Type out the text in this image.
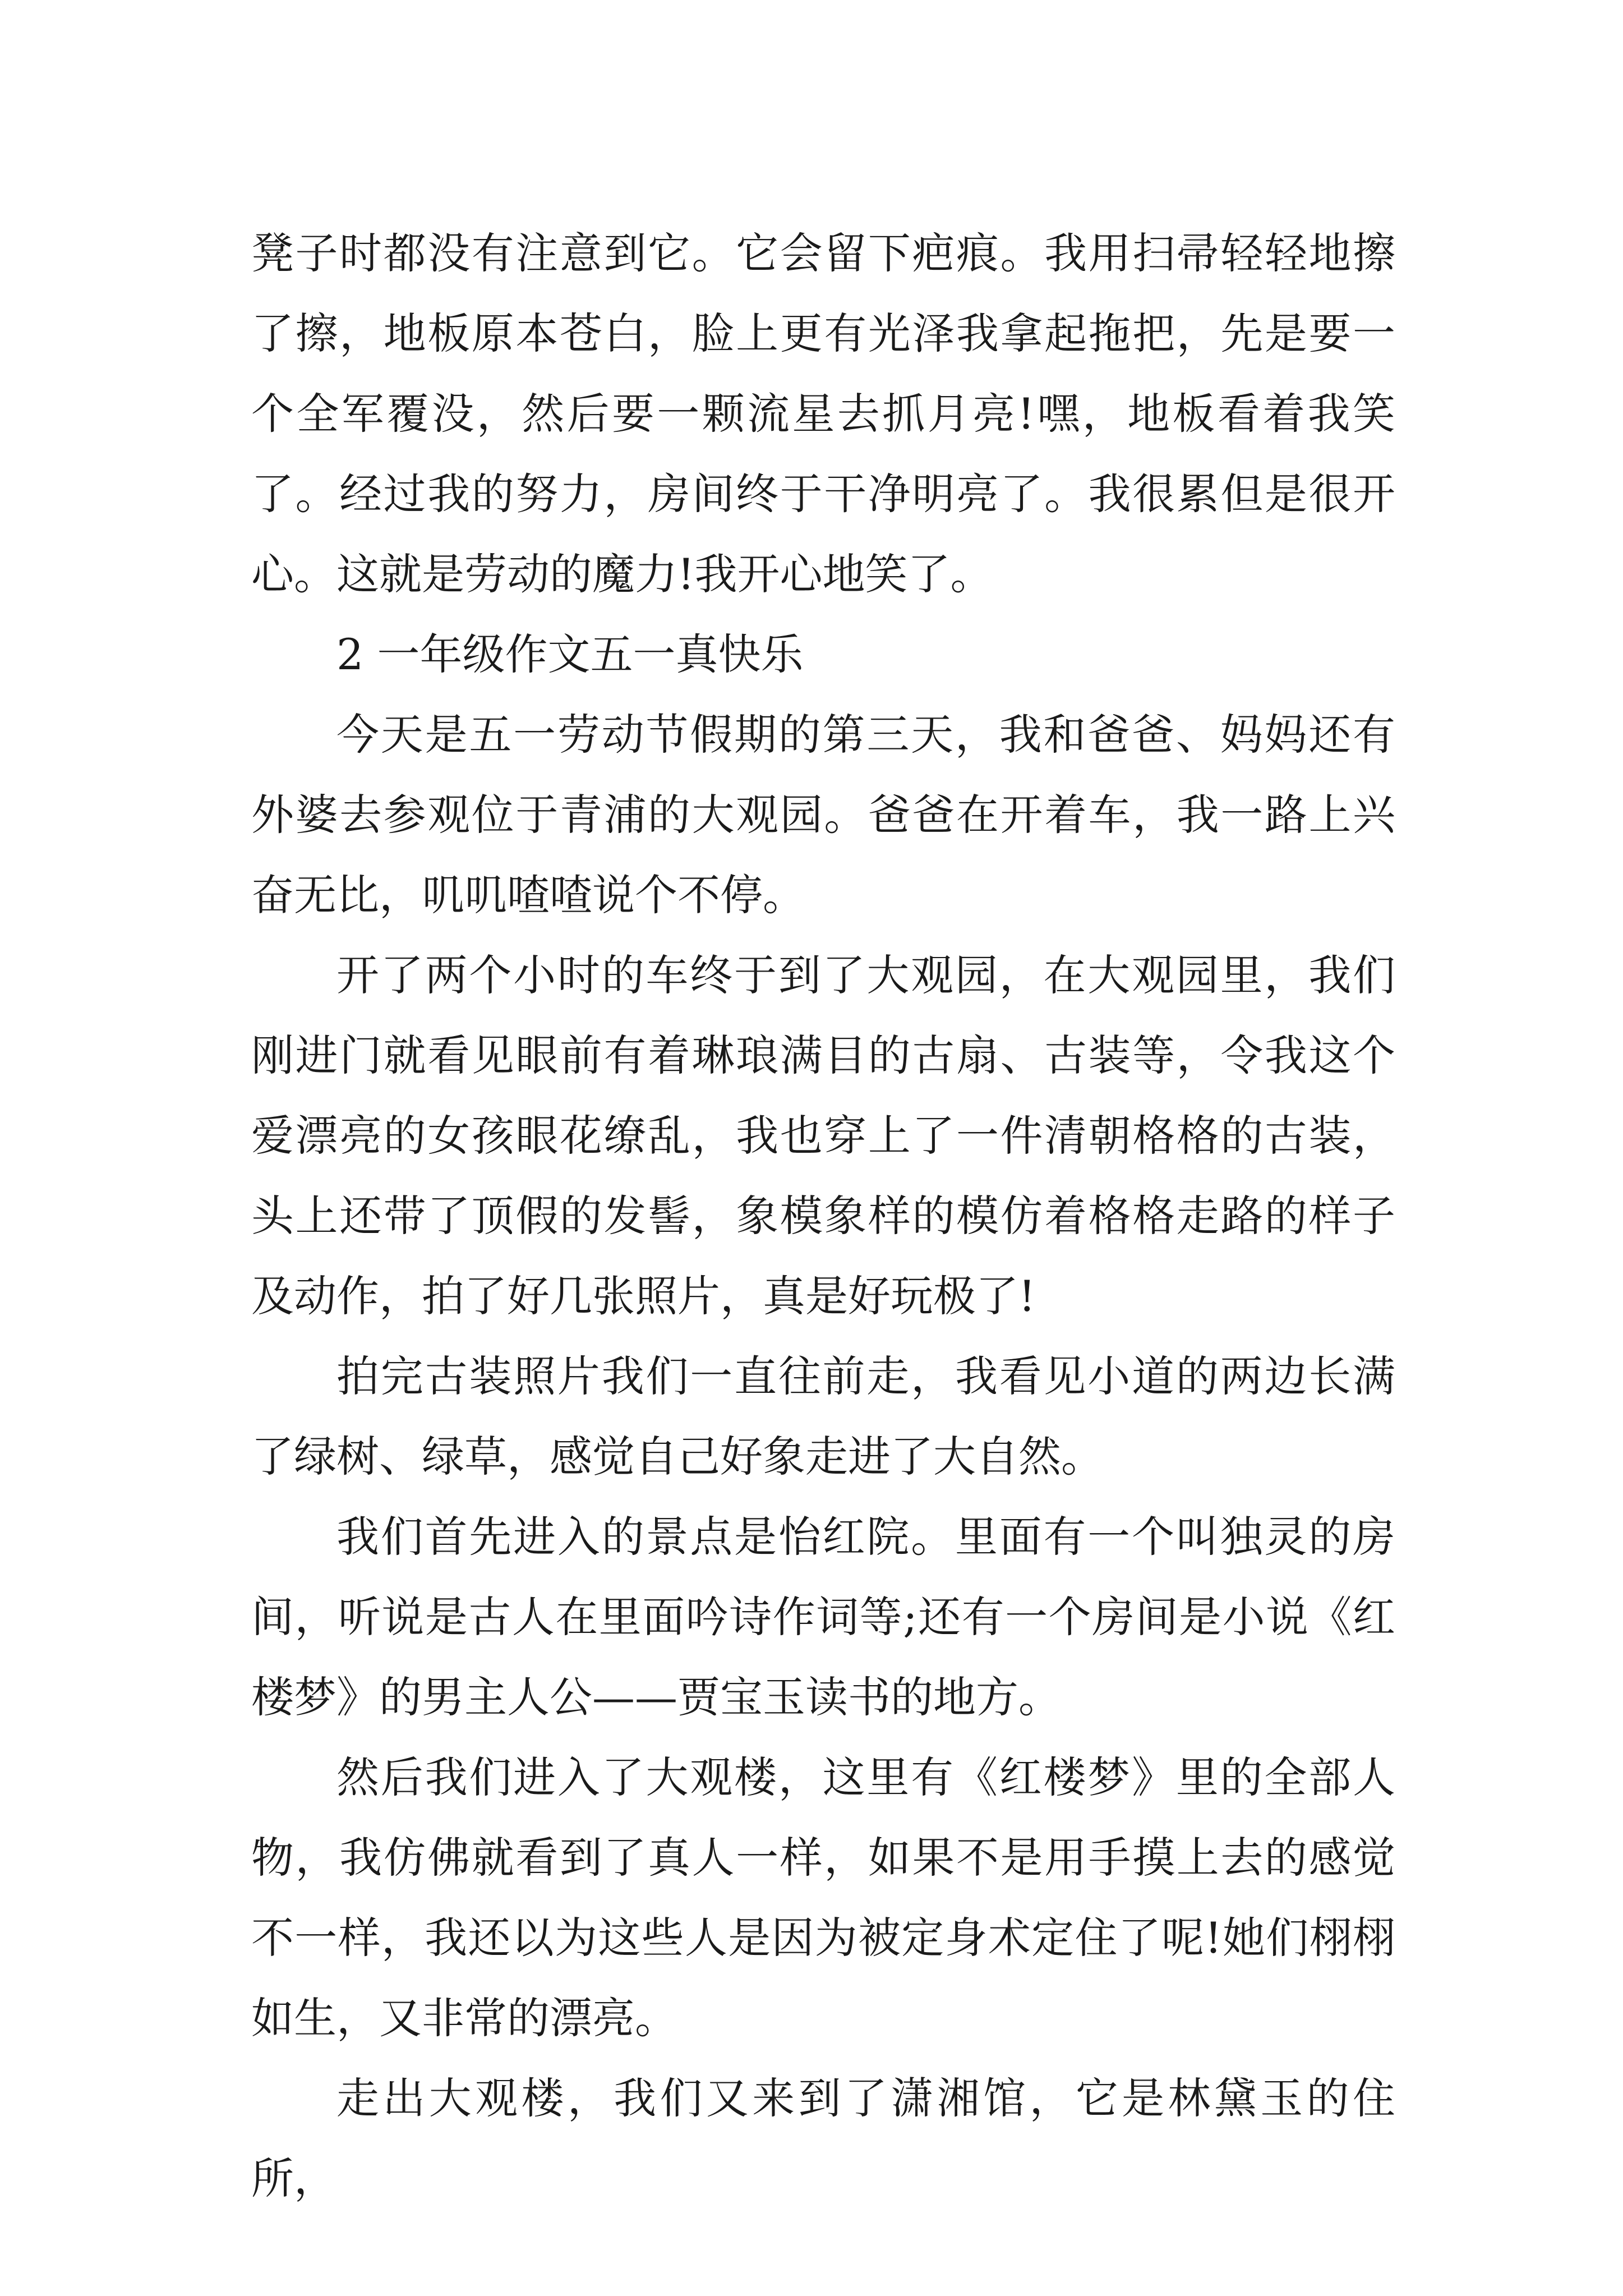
凳子时都没有注意到它。它会留下疤痕。我用扫帚轻轻地擦了擦，地板原本苍白，脸上更有光泽我拿起拖把，先是要一个全军覆没，然后要一颗流星去抓月亮!嘿，地板看着我笑了。经过我的努力，房间终于干净明亮了。我很累但是很开心。这就是劳动的魔力!我开心地笑了。

2 一年级作文五一真快乐

今天是五一劳动节假期的第三天，我和爸爸、妈妈还有外婆去参观位于青浦的大观园。爸爸在开着车，我一路上兴奋无比，叽叽喳喳说个不停。

开了两个小时的车终于到了大观园，在大观园里，我们刚进门就看见眼前有着琳琅满目的古扇、古装等，令我这个爱漂亮的女孩眼花缭乱，我也穿上了一件清朝格格的古装，头上还带了顶假的发髻，象模象样的模仿着格格走路的样子及动作，拍了好几张照片，真是好玩极了!

拍完古装照片我们一直往前走，我看见小道的两边长满了绿树、绿草，感觉自己好象走进了大自然。

我们首先进入的景点是怡红院。里面有一个叫独灵的房间，听说是古人在里面吟诗作词等;还有一个房间是小说《红楼梦》的男主人公——贾宝玉读书的地方。

然后我们进入了大观楼，这里有《红楼梦》里的全部人物，我仿佛就看到了真人一样，如果不是用手摸上去的感觉不一样，我还以为这些人是因为被定身术定住了呢!她们栩栩如生，又非常的漂亮。

走出大观楼，我们又来到了潇湘馆，它是林黛玉的住所，
